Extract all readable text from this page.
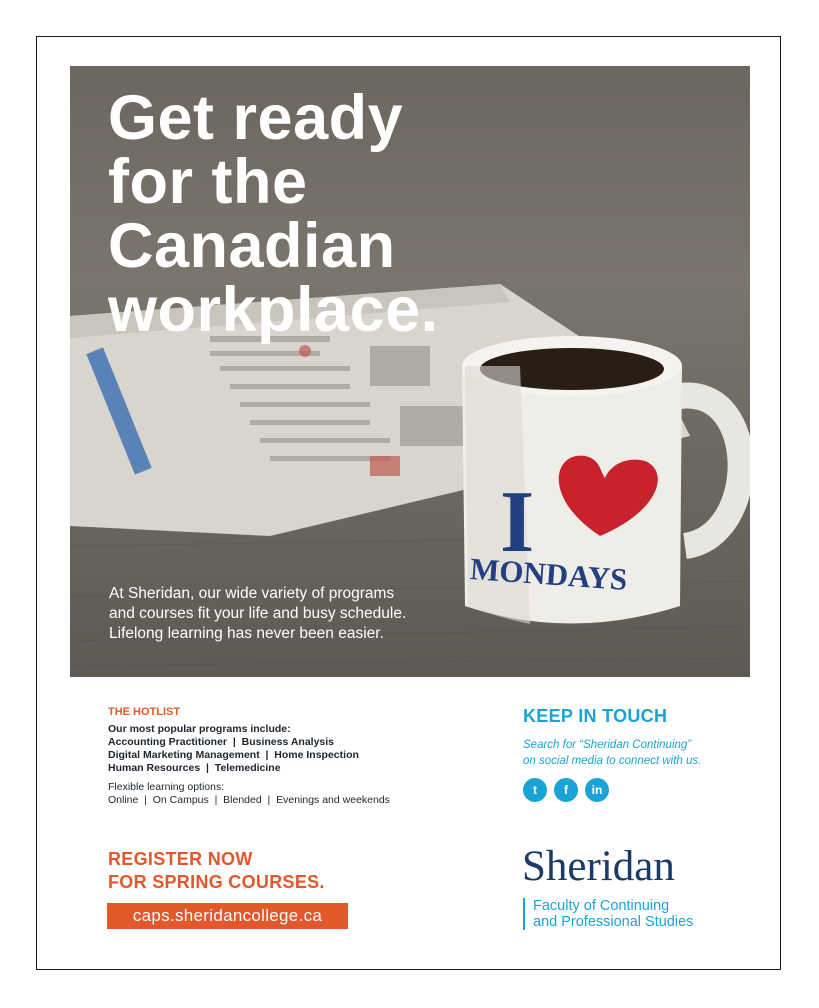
I
MONDAYS
Get ready
for the
Canadian
workplace.
At Sheridan, our wide variety of programs
and courses fit your life and busy schedule.
Lifelong learning has never been easier.
THE HOTLIST
Our most popular programs include:
Accounting Practitioner  |  Business Analysis
Digital Marketing Management  |  Home Inspection
Human Resources  |  Telemedicine
Flexible learning options:
Online  |  On Campus  |  Blended  |  Evenings and weekends
REGISTER NOW
FOR SPRING COURSES.
caps.sheridancollege.ca
KEEP IN TOUCH
Search for “Sheridan Continuing”
on social media to connect with us.
t	f	in
Sheridan
Faculty of Continuing
and Professional Studies
